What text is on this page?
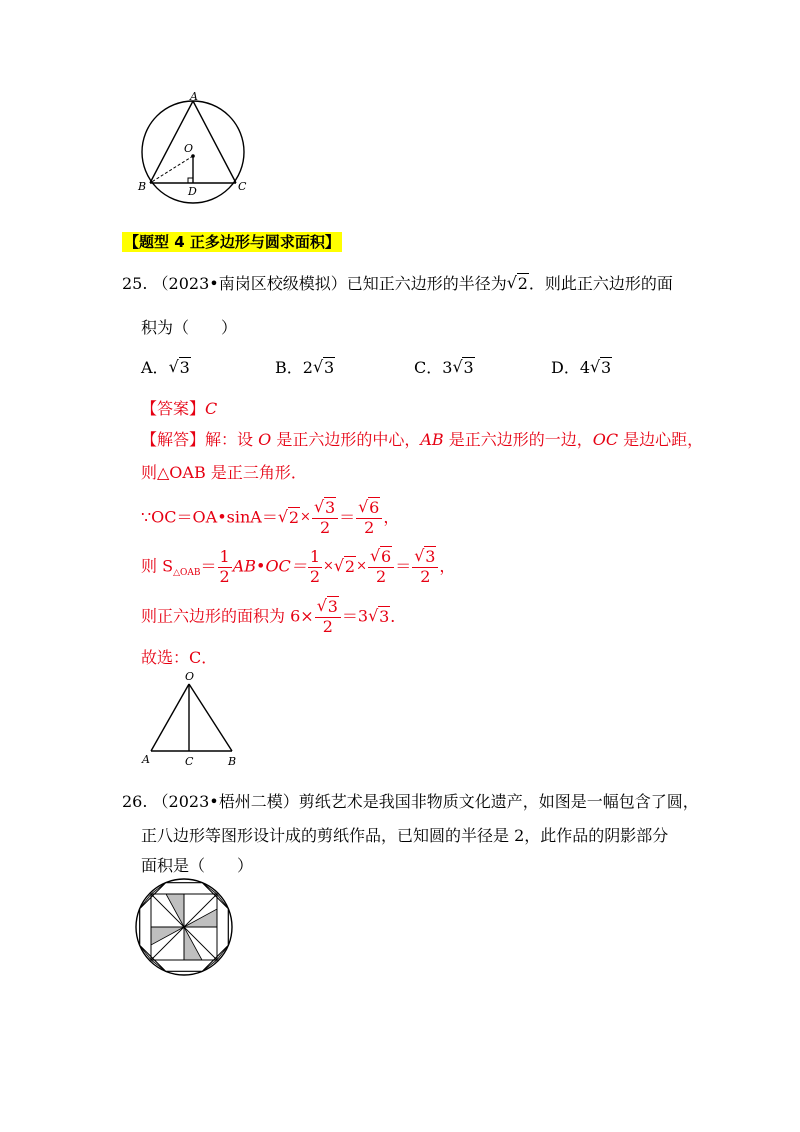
A
O
B	D	C
【题型 4 正多边形与圆求面积】
25. （2023•南岗区校级模拟）已知正六边形的半径为√ 2．则此正六边形的面
积为（　　）
A．√ 3	B．2√ 3	C．3√ 3	D．4√ 3
【答案】C
【解答】解：设 O 是正六边形的中心，AB 是正六边形的一边，OC 是边心距，
则△OAB 是正三角形．
∵OC＝OA•sinA＝√ 2×
√ $\frac{3}{2}$ ＝
√ $\frac{6}{2}$ ，
则 $S_{\triangle OAB}= \frac{1}{2}$ AB•OC＝ $\frac{1}{2}$ ×√ 2×
√ $\frac{6}{2}$ ＝
√ $\frac{3}{2}$ ，
则正六边形的面积为 6×
√ $\frac{3}{2} =3√$ 3．
故选：C．
O
A	C	B
26. （2023•梧州二模）剪纸艺术是我国非物质文化遗产，如图是一幅包含了圆，
正八边形等图形设计成的剪纸作品，已知圆的半径是 2，此作品的阴影部分
面积是（　　）
